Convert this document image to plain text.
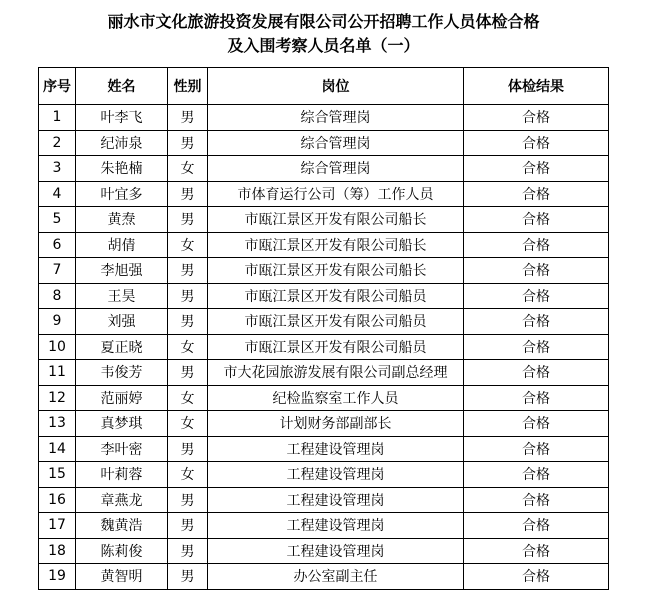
丽水市文化旅游投资发展有限公司公开招聘工作人员体检合格
及入围考察人员名单（一）
序号	姓名	性别	岗位	体检结果
1	叶李飞	男	综合管理岗	合格
2	纪沛泉	男	综合管理岗	合格
3	朱艳楠	女	综合管理岗	合格
4	叶宜多	男	市体育运行公司（筹）工作人员	合格
5	黄焘	男	市瓯江景区开发有限公司船长	合格
6	胡倩	女	市瓯江景区开发有限公司船长	合格
7	李旭强	男	市瓯江景区开发有限公司船长	合格
8	王昊	男	市瓯江景区开发有限公司船员	合格
9	刘强	男	市瓯江景区开发有限公司船员	合格
10	夏正晓	女	市瓯江景区开发有限公司船员	合格
11	韦俊芳	男	市大花园旅游发展有限公司副总经理	合格
12	范丽婷	女	纪检监察室工作人员	合格
13	真梦琪	女	计划财务部副部长	合格
14	李叶密	男	工程建设管理岗	合格
15	叶莉蓉	女	工程建设管理岗	合格
16	章燕龙	男	工程建设管理岗	合格
17	魏黄浩	男	工程建设管理岗	合格
18	陈莉俊	男	工程建设管理岗	合格
19	黄智明	男	办公室副主任	合格
